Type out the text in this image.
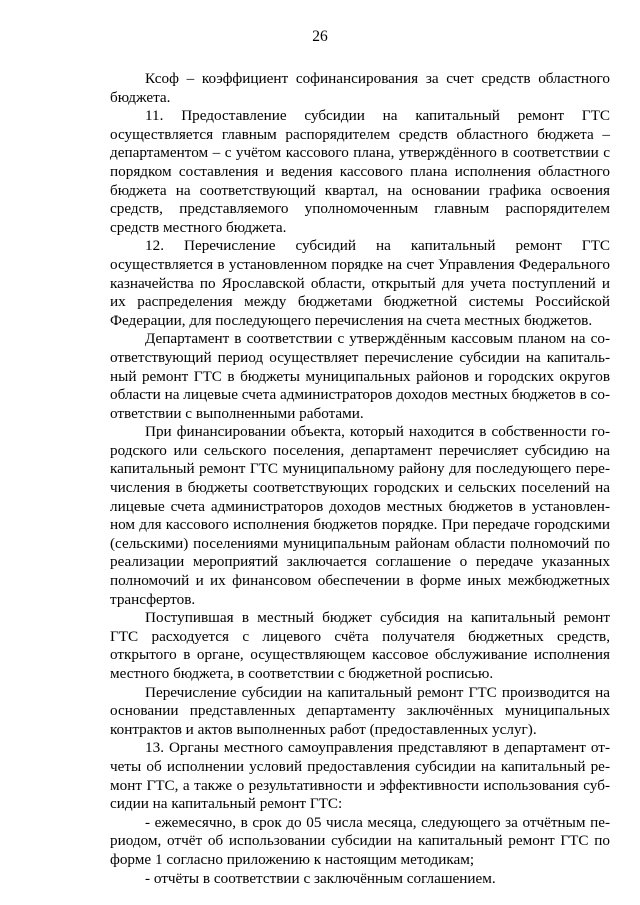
26

Ксоф – коэффициент софинансирования за счет средств областного бюджета.

11. Предоставление субсидии на капитальный ремонт ГТС осуществляется главным распорядителем средств областного бюджета – департаментом – с учётом кассового плана, утверждённого в соответствии с порядком составления и ведения кассового плана исполнения областного бюджета на соответствующий квартал, на основании графика освоения средств, представляемого уполномоченным главным распорядителем средств местного бюджета.

12. Перечисление субсидий на капитальный ремонт ГТС осуществляется в установленном порядке на счет Управления Федерального казначейства по Ярославской области, открытый для учета поступлений и их распределения между бюджетами бюджетной системы Российской Федерации, для последующего перечисления на счета местных бюджетов.

Департамент в соответствии с утверждённым кассовым планом на соответствующий период осуществляет перечисление субсидии на капитальный ремонт ГТС в бюджеты муниципальных районов и городских округов области на лицевые счета администраторов доходов местных бюджетов в соответствии с выполненными работами.

При финансировании объекта, который находится в собственности городского или сельского поселения, департамент перечисляет субсидию на капитальный ремонт ГТС муниципальному району для последующего перечисления в бюджеты соответствующих городских и сельских поселений на лицевые счета администраторов доходов местных бюджетов в установленном для кассового исполнения бюджетов порядке. При передаче городскими (сельскими) поселениями муниципальным районам области полномочий по реализации мероприятий заключается соглашение о передаче указанных полномочий и их финансовом обеспечении в форме иных межбюджетных трансфертов.

Поступившая в местный бюджет субсидия на капитальный ремонт ГТС расходуется с лицевого счёта получателя бюджетных средств, открытого в органе, осуществляющем кассовое обслуживание исполнения местного бюджета, в соответствии с бюджетной росписью.

Перечисление субсидии на капитальный ремонт ГТС производится на основании представленных департаменту заключённых муниципальных контрактов и актов выполненных работ (предоставленных услуг).

13. Органы местного самоуправления представляют в департамент отчеты об исполнении условий предоставления субсидии на капитальный ремонт ГТС, а также о результативности и эффективности использования субсидии на капитальный ремонт ГТС:

- ежемесячно, в срок до 05 числа месяца, следующего за отчётным периодом, отчёт об использовании субсидии на капитальный ремонт ГТС по форме 1 согласно приложению к настоящим методикам;

- отчёты в соответствии с заключённым соглашением.
